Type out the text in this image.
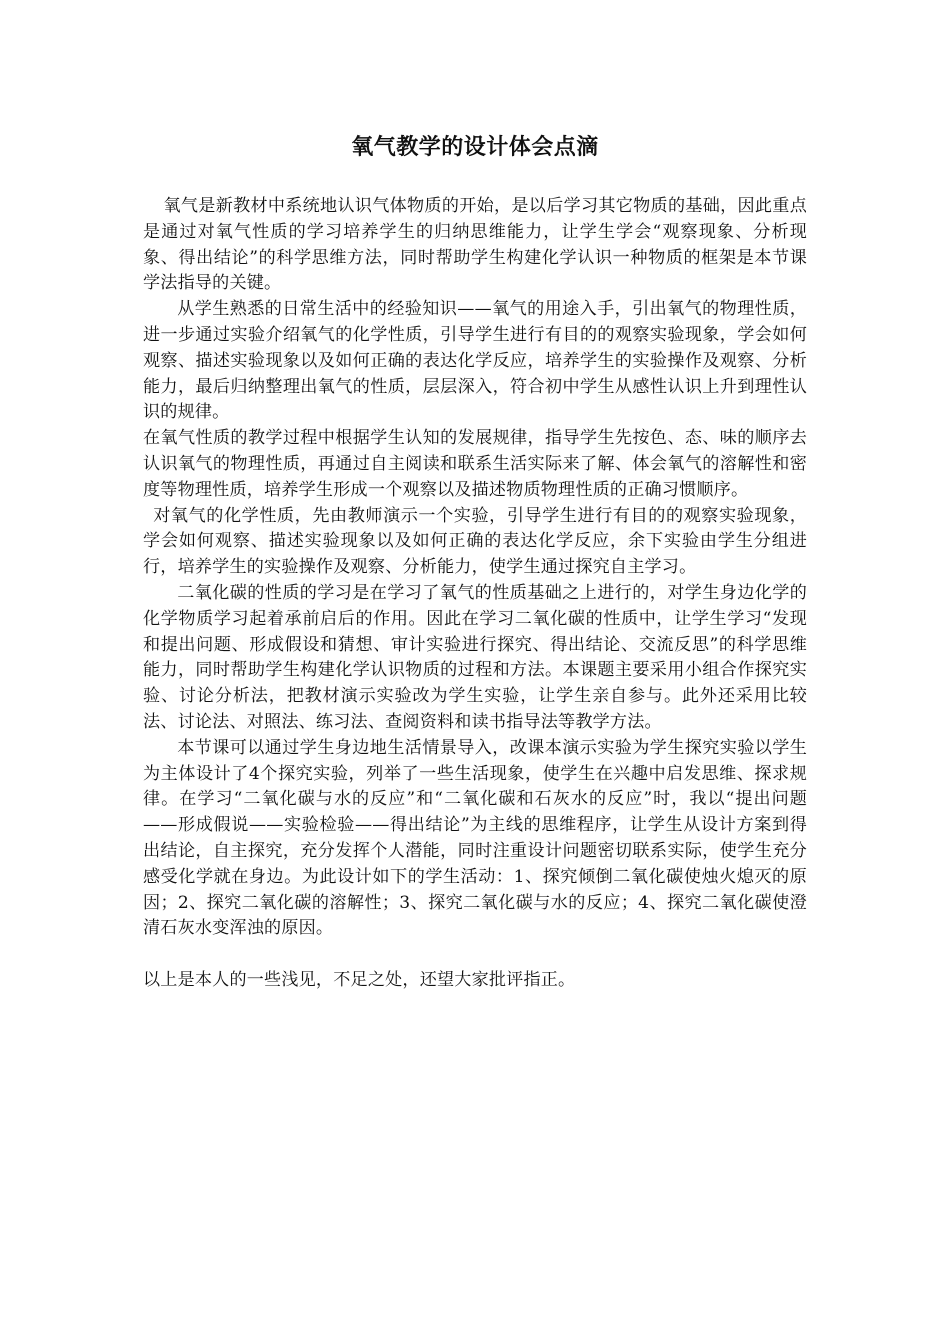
氧气教学的设计体会点滴

氧气是新教材中系统地认识气体物质的开始，是以后学习其它物质的基础，因此重点是通过对氧气性质的学习培养学生的归纳思维能力，让学生学会“观察现象、分析现象、得出结论”的科学思维方法，同时帮助学生构建化学认识一种物质的框架是本节课学法指导的关键。

从学生熟悉的日常生活中的经验知识——氧气的用途入手，引出氧气的物理性质，进一步通过实验介绍氧气的化学性质，引导学生进行有目的的观察实验现象，学会如何观察、描述实验现象以及如何正确的表达化学反应，培养学生的实验操作及观察、分析能力，最后归纳整理出氧气的性质，层层深入，符合初中学生从感性认识上升到理性认识的规律。

在氧气性质的教学过程中根据学生认知的发展规律，指导学生先按色、态、味的顺序去认识氧气的物理性质，再通过自主阅读和联系生活实际来了解、体会氧气的溶解性和密度等物理性质，培养学生形成一个观察以及描述物质物理性质的正确习惯顺序。

对氧气的化学性质，先由教师演示一个实验，引导学生进行有目的的观察实验现象，学会如何观察、描述实验现象以及如何正确的表达化学反应，余下实验由学生分组进行，培养学生的实验操作及观察、分析能力，使学生通过探究自主学习。

二氧化碳的性质的学习是在学习了氧气的性质基础之上进行的，对学生身边化学的化学物质学习起着承前启后的作用。因此在学习二氧化碳的性质中，让学生学习“发现和提出问题、形成假设和猜想、审计实验进行探究、得出结论、交流反思”的科学思维能力，同时帮助学生构建化学认识物质的过程和方法。本课题主要采用小组合作探究实验、讨论分析法，把教材演示实验改为学生实验，让学生亲自参与。此外还采用比较法、讨论法、对照法、练习法、查阅资料和读书指导法等教学方法。

本节课可以通过学生身边地生活情景导入，改课本演示实验为学生探究实验以学生为主体设计了4个探究实验，列举了一些生活现象，使学生在兴趣中启发思维、探求规律。在学习“二氧化碳与水的反应”和“二氧化碳和石灰水的反应”时，我以“提出问题——形成假说——实验检验——得出结论”为主线的思维程序，让学生从设计方案到得出结论，自主探究，充分发挥个人潜能，同时注重设计问题密切联系实际，使学生充分感受化学就在身边。为此设计如下的学生活动：1、探究倾倒二氧化碳使烛火熄灭的原因；2、探究二氧化碳的溶解性；3、探究二氧化碳与水的反应；4、探究二氧化碳使澄清石灰水变浑浊的原因。

以上是本人的一些浅见，不足之处，还望大家批评指正。
